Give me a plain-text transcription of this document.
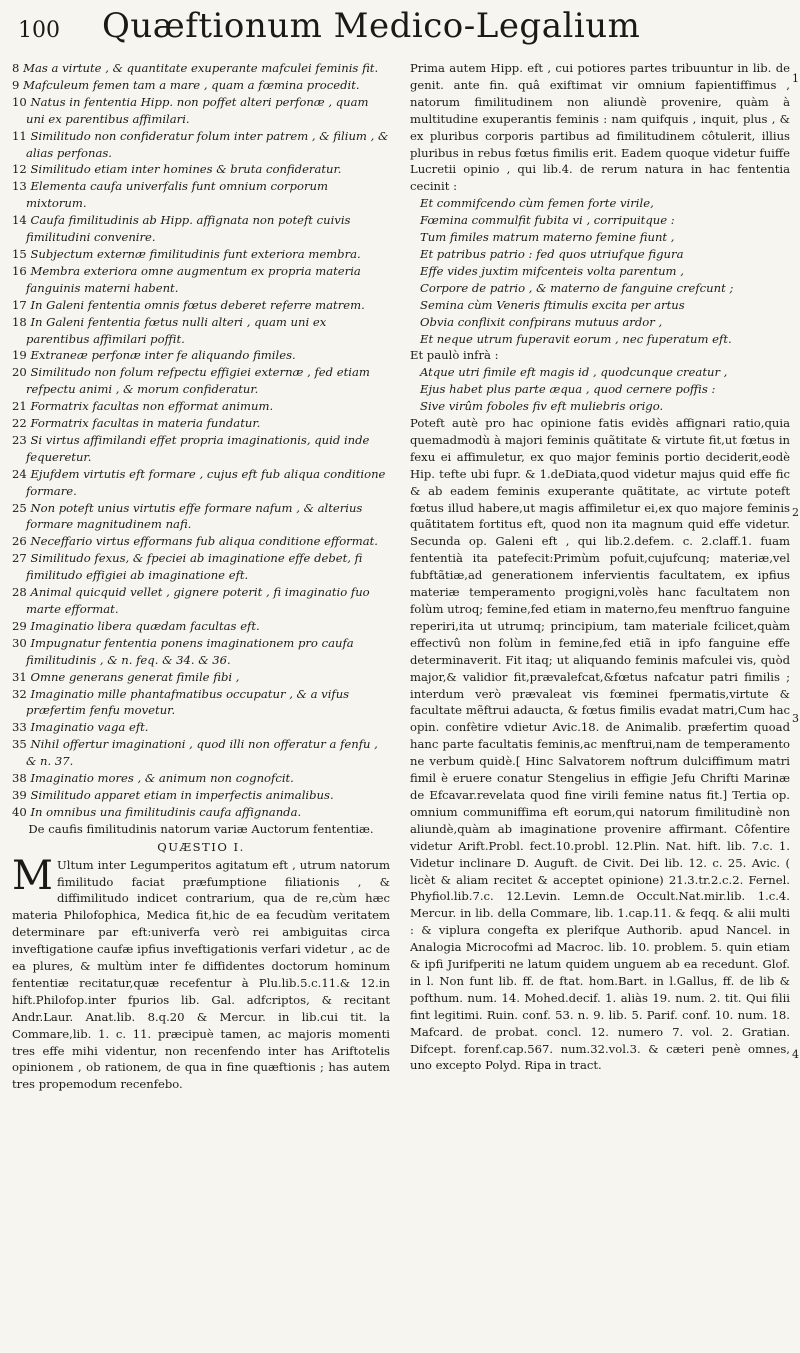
100 Quæftionum Medico-Legalium

8 Mas a virtute , & quantitate exuperante mafculei feminis fit.

9 Mafculeum femen tam a mare , quam a fœmina procedit.

10 Natus in fententia Hipp. non poffet alteri perfonæ , quam uni ex parentibus affimilari.

11 Similitudo non confideratur folum inter patrem , & filium , & alias perfonas.

12 Similitudo etiam inter homines & bruta confideratur.

13 Elementa caufa univerfalis funt omnium corporum mixtorum.

14 Caufa fimilitudinis ab Hipp. affignata non poteft cuivis fimilitudini convenire.

15 Subjectum externæ fimilitudinis funt exteriora membra.

16 Membra exteriora omne augmentum ex propria materia fanguinis materni habent.

17 In Galeni fententia omnis fœtus deberet referre matrem.

18 In Galeni fententia fœtus nulli alteri , quam uni ex parentibus affimilari poffit.

19 Extraneæ perfonæ inter fe aliquando fimiles.

20 Similitudo non folum refpectu effigiei externæ , fed etiam refpectu animi , & morum confideratur.

21 Formatrix facultas non efformat animum.

22 Formatrix facultas in materia fundatur.

23 Si virtus affimilandi effet propria imaginationis, quid inde fequeretur.

24 Ejufdem virtutis eft formare , cujus eft fub aliqua conditione formare.

25 Non poteft unius virtutis effe formare nafum , & alterius formare magnitudinem nafi.

26 Neceffario virtus efformans fub aliqua conditione efformat.

27 Similitudo fexus, & fpeciei ab imaginatione effe debet, fi fimilitudo effigiei ab imaginatione eft.

28 Animal quicquid vellet , gignere poterit , fi imaginatio fuo marte efformat.

29 Imaginatio libera quædam facultas eft.

30 Impugnatur fententia ponens imaginationem pro caufa fimilitudinis , & n. feq. & 34. & 36.

31 Omne generans generat fimile fibi ,

32 Imaginatio mille phantafmatibus occupatur , & a vifus præfertim fenfu movetur.

33 Imaginatio vaga eft.

35 Nihil offertur imaginationi , quod illi non offeratur a fenfu , & n. 37.

38 Imaginatio mores , & animum non cognofcit.

39 Similitudo apparet etiam in imperfectis animalibus.

40 In omnibus una fimilitudinis caufa affignanda.

De caufis fimilitudinis natorum variæ Auctorum fententiæ.

QUÆSTIO I.

M Ultum inter Legumperitos agitatum eft , utrum natorum fimilitudo faciat præfumptione filiationis , & diffimilitudo indicet contrarium, qua de re,cùm hæc materia Philofophica, Medica fit,hic de ea fecudùm veritatem determinare par eft:univerfa verò rei ambiguitas circa inveftigatione caufæ ipfius inveftigationis verfari videtur , ac de ea plures, & multùm inter fe diffidentes doctorum hominum fententiæ recitatur,quæ recefentur à Plu.lib.5.c.11.& 12.in hift.Philofop.inter fpurios lib. Gal. adfcriptos, & recitant Andr.Laur. Anat.lib. 8.q.20 & Mercur. in lib.cui tit. la Commare,lib. 1. c. 11. præcipuè tamen, ac majoris momenti tres effe mihi videntur, non recenfendo inter has Ariftotelis opinionem , ob rationem, de qua in fine quæftionis ; has autem tres propemodum recenfebo.

Prima autem Hipp. eft , cui potiores partes tribuuntur in lib. de genit. ante fin. quâ exiftimat vir omnium fapientiffimus , natorum fimilitudinem non aliundè provenire, quàm à multitudine exuperantis feminis : nam quifquis , inquit, plus , & ex pluribus corporis partibus ad fimilitudinem côtulerit, illius pluribus in rebus fœtus fimilis erit. Eadem quoque videtur fuiffe Lucretii opinio , qui lib.4. de rerum natura in hac fententia cecinit :

Et commifcendo cùm femen forte virile,

Fœmina commulfit fubita vi , corripuitque :

Tum fimiles matrum materno femine fiunt ,

Et patribus patrio : fed quos utriufque figura

Effe vides juxtim mifcenteis volta parentum ,

Corpore de patrio , & materno de fanguine crefcunt ;

Semina cùm Veneris ftimulis excita per artus

Obvia conflixit confpirans mutuus ardor ,

Et neque utrum fuperavit eorum , nec fuperatum eft.

Et paulò infrà :

Atque utri fimile eft magis id , quodcunque creatur ,

Ejus habet plus parte æqua , quod cernere poffis :

Sive virûm foboles fiv eft muliebris origo.

Poteft autè pro hac opinione fatis evidès affignari ratio,quia quemadmodù à majori feminis quãtitate & virtute fit,ut fœtus in fexu ei affimuletur, ex quo major feminis portio deciderit,eodè Hip. tefte ubi fupr. & 1.deDiata,quod videtur majus quid effe fic & ab eadem feminis exuperante quãtitate, ac virtute poteft fœtus illud habere,ut magis affimiletur ei,ex quo majore feminis quãtitatem fortitus eft, quod non ita magnum quid effe videtur. Secunda op. Galeni eft , qui lib.2.defem. c. 2.claff.1. fuam fententià ita patefecit:Primùm pofuit,cujufcunq; materiæ,vel fubftãtiæ,ad generationem infervientis facultatem, ex ipfius materiæ temperamento progigni,volès hanc facultatem non folùm utroq; femine,fed etiam in materno,feu menftruo fanguine reperiri,ita ut utrumq; principium, tam materiale fcilicet,quàm effectivû non folùm in femine,fed etiã in ipfo fanguine effe determinaverit. Fit itaq; ut aliquando feminis mafculei vis, quòd major,& validior fit,prævalefcat,&fœtus nafcatur patri fimilis ; interdum verò prævaleat vis fœminei fpermatis,virtute & facultate mẽftrui adaucta, & fœtus fimilis evadat matri,Cum hac opin. confètire vdietur Avic.18. de Animalib. præfertim quoad hanc parte facultatis feminis,ac menftrui,nam de temperamento ne verbum quidè.[ Hinc Salvatorem noftrum dulciffimum matri fimil è eruere conatur Stengelius in effigie Jefu Chrifti Marinæ de Efcavar.revelata quod fine virili femine natus fit.] Tertia op. omnium communiffima eft eorum,qui natorum fimilitudinè non aliundè,quàm ab imaginatione provenire affirmant. Côfentire videtur Arift.Probl. fect.10.probl. 12.Plin. Nat. hift. lib. 7.c. 1. Videtur inclinare D. Auguft. de Civit. Dei lib. 12. c. 25. Avic. ( licèt & aliam recitet & acceptet opinione) 21.3.tr.2.c.2. Fernel. Phyfiol.lib.7.c. 12.Levin. Lemn.de Occult.Nat.mir.lib. 1.c.4. Mercur. in lib. della Commare, lib. 1.cap.11. & feqq. & alii multi : & viplura congefta ex plerifque Authorib. apud Nancel. in Analogia Microcofmi ad Macroc. lib. 10. problem. 5. quin etiam & ipfi Jurifperiti ne latum quidem unguem ab ea recedunt. Glof. in l. Non funt lib. ff. de ftat. hom.Bart. in l.Gallus, ff. de lib & pofthum. num. 14. Mohed.decif. 1. aliàs 19. num. 2. tit. Qui filii fint legitimi. Ruin. conf. 53. n. 9. lib. 5. Parif. conf. 10. num. 18. Mafcard. de probat. concl. 12. numero 7. vol. 2. Gratian. Difcept. forenf.cap.567. num.32.vol.3. & cæteri penè omnes, uno excepto Polyd. Ripa in tract.

1
2
3
4
